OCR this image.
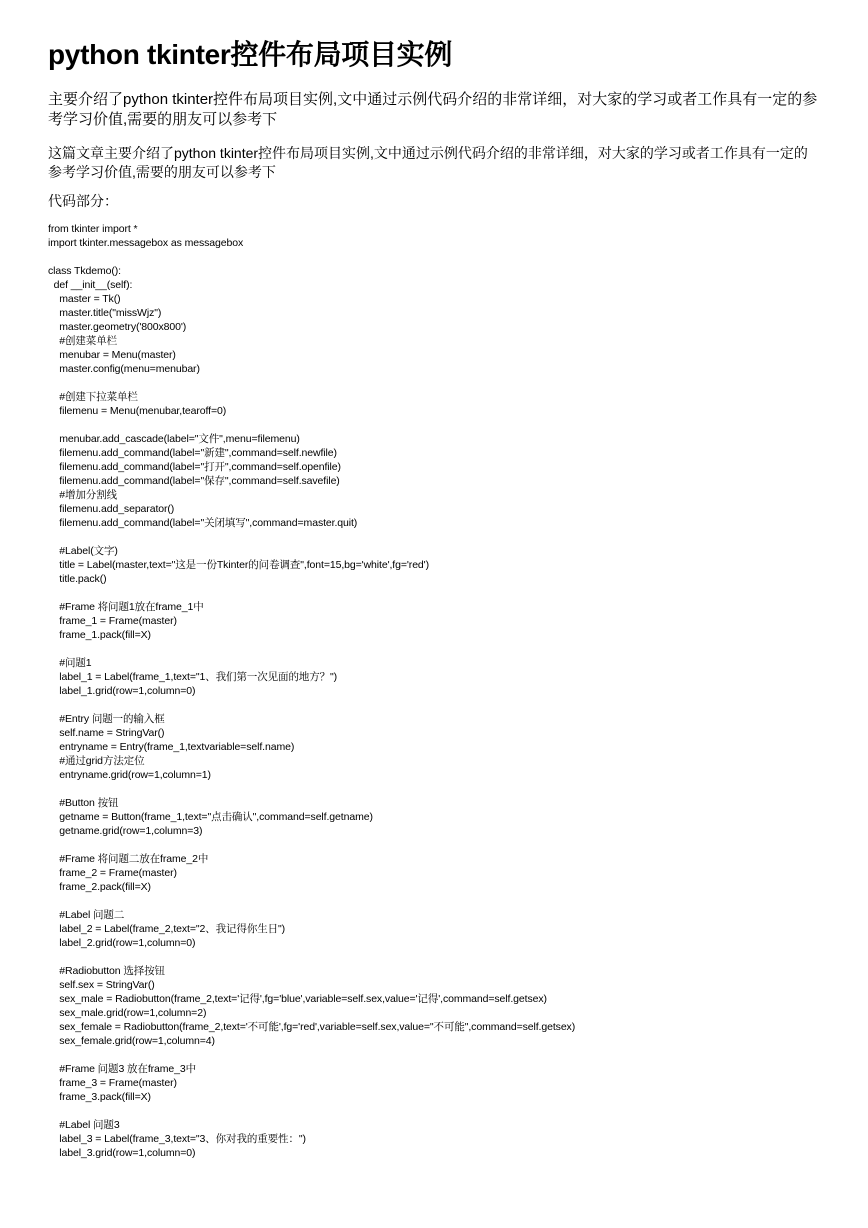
python tkinter控件布局项目实例

主要介绍了python tkinter控件布局项目实例,文中通过示例代码介绍的非常详细，对大家的学习或者工作具有一定的参考学习价值,需要的朋友可以参考下

这篇文章主要介绍了python tkinter控件布局项目实例,文中通过示例代码介绍的非常详细，对大家的学习或者工作具有一定的参考学习价值,需要的朋友可以参考下

代码部分：

from tkinter import *
import tkinter.messagebox as messagebox
class Tkdemo():
def __init__(self):
master = Tk()
master.title("missWjz")
master.geometry('800x800')
#创建菜单栏
menubar = Menu(master)
master.config(menu=menubar)
#创建下拉菜单栏
filemenu = Menu(menubar,tearoff=0)
menubar.add_cascade(label="文件",menu=filemenu)
filemenu.add_command(label="新建",command=self.newfile)
filemenu.add_command(label="打开",command=self.openfile)
filemenu.add_command(label="保存",command=self.savefile)
#增加分割线
filemenu.add_separator()
filemenu.add_command(label="关闭填写",command=master.quit)
#Label(文字)
title = Label(master,text="这是一份Tkinter的问卷调查",font=15,bg='white',fg='red')
title.pack()
#Frame 将问题1放在frame_1中
frame_1 = Frame(master)
frame_1.pack(fill=X)
#问题1
label_1 = Label(frame_1,text="1、我们第一次见面的地方？")
label_1.grid(row=1,column=0)
#Entry 问题一的输入框
self.name = StringVar()
entryname = Entry(frame_1,textvariable=self.name)
#通过grid方法定位
entryname.grid(row=1,column=1)
#Button 按钮
getname = Button(frame_1,text="点击确认",command=self.getname)
getname.grid(row=1,column=3)
#Frame 将问题二放在frame_2中
frame_2 = Frame(master)
frame_2.pack(fill=X)
#Label 问题二
label_2 = Label(frame_2,text="2、我记得你生日")
label_2.grid(row=1,column=0)
#Radiobutton 选择按钮
self.sex = StringVar()
sex_male = Radiobutton(frame_2,text='记得',fg='blue',variable=self.sex,value='记得',command=self.getsex)
sex_male.grid(row=1,column=2)
sex_female = Radiobutton(frame_2,text='不可能',fg='red',variable=self.sex,value="不可能",command=self.getsex)
sex_female.grid(row=1,column=4)
#Frame 问题3 放在frame_3中
frame_3 = Frame(master)
frame_3.pack(fill=X)
#Label 问题3
label_3 = Label(frame_3,text="3、你对我的重要性：")
label_3.grid(row=1,column=0)
